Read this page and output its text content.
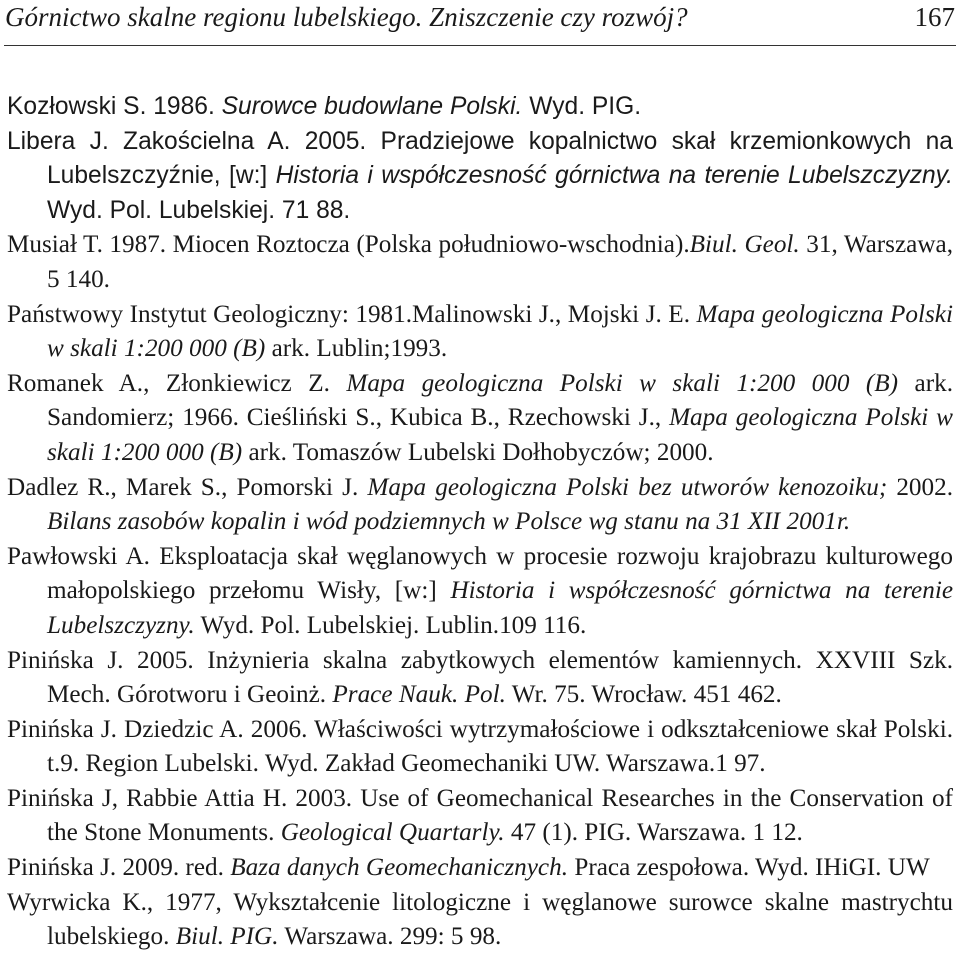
Górnictwo skalne regionu lubelskiego. Zniszczenie czy rozwój?	167
Kozłowski S. 1986. Surowce budowlane Polski. Wyd. PIG.
Libera J. Zakościelna A. 2005. Pradziejowe kopalnictwo skał krzemionkowych na Lubelszczyźnie, [w:] Historia i współczesność górnictwa na terenie Lubelszczyzny. Wyd. Pol. Lubelskiej. 71 88.
Musiał T. 1987. Miocen Roztocza (Polska południowo-wschodnia).Biul. Geol. 31, Warszawa, 5 140.
Państwowy Instytut Geologiczny: 1981.Malinowski J., Mojski J. E. Mapa geologiczna Polski w skali 1:200 000 (B) ark. Lublin;1993.
Romanek A., Złonkiewicz Z. Mapa geologiczna Polski w skali 1:200 000 (B) ark. Sandomierz; 1966. Cieśliński S., Kubica B., Rzechowski J., Mapa geologiczna Polski w skali 1:200 000 (B) ark. Tomaszów Lubelski Dołhobyczów; 2000.
Dadlez R., Marek S., Pomorski J. Mapa geologiczna Polski bez utworów kenozoiku; 2002. Bilans zasobów kopalin i wód podziemnych w Polsce wg stanu na 31 XII 2001r.
Pawłowski A. Eksploatacja skał węglanowych w procesie rozwoju krajobrazu kulturowego małopolskiego przełomu Wisły, [w:] Historia i współczesność górnictwa na terenie Lubelszczyzny. Wyd. Pol. Lubelskiej. Lublin.109 116.
Pinińska J. 2005. Inżynieria skalna zabytkowych elementów kamiennych. XXVIII Szk. Mech. Górotworu i Geoinż. Prace Nauk. Pol. Wr. 75. Wrocław. 451 462.
Pinińska J. Dziedzic A. 2006. Właściwości wytrzymałościowe i odkształceniowe skał Polski. t.9. Region Lubelski. Wyd. Zakład Geomechaniki UW. Warszawa.1 97.
Pinińska J, Rabbie Attia H. 2003. Use of Geomechanical Researches in the Conservation of the Stone Monuments. Geological Quartarly. 47 (1). PIG. Warszawa. 1 12.
Pinińska J. 2009. red. Baza danych Geomechanicznych. Praca zespołowa. Wyd. IHiGI. UW
Wyrwicka K., 1977, Wykształcenie litologiczne i węglanowe surowce skalne mastrychtu lubelskiego. Biul. PIG. Warszawa. 299: 5 98.
